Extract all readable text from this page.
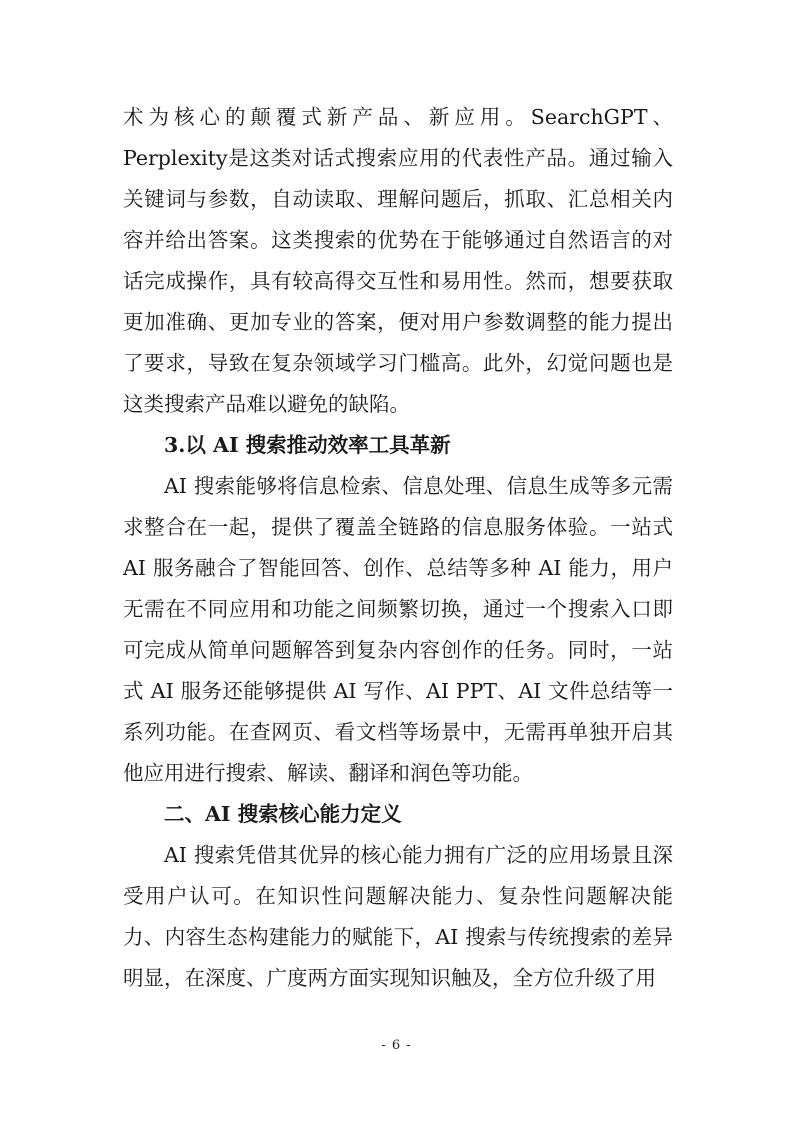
术为核心的颠覆式新产品、新应用。SearchGPT、Perplexity是这类对话式搜索应用的代表性产品。通过输入关键词与参数，自动读取、理解问题后，抓取、汇总相关内容并给出答案。这类搜索的优势在于能够通过自然语言的对话完成操作，具有较高得交互性和易用性。然而，想要获取更加准确、更加专业的答案，便对用户参数调整的能力提出了要求，导致在复杂领域学习门槛高。此外，幻觉问题也是这类搜索产品难以避免的缺陷。

3.以 AI 搜索推动效率工具革新

AI 搜索能够将信息检索、信息处理、信息生成等多元需求整合在一起，提供了覆盖全链路的信息服务体验。一站式 AI 服务融合了智能回答、创作、总结等多种 AI 能力，用户无需在不同应用和功能之间频繁切换，通过一个搜索入口即可完成从简单问题解答到复杂内容创作的任务。同时，一站式 AI 服务还能够提供 AI 写作、AI PPT、AI 文件总结等一系列功能。在查网页、看文档等场景中，无需再单独开启其他应用进行搜索、解读、翻译和润色等功能。

二、AI 搜索核心能力定义

AI 搜索凭借其优异的核心能力拥有广泛的应用场景且深受用户认可。在知识性问题解决能力、复杂性问题解决能力、内容生态构建能力的赋能下，AI 搜索与传统搜索的差异明显，在深度、广度两方面实现知识触及，全方位升级了用

- 6 -
